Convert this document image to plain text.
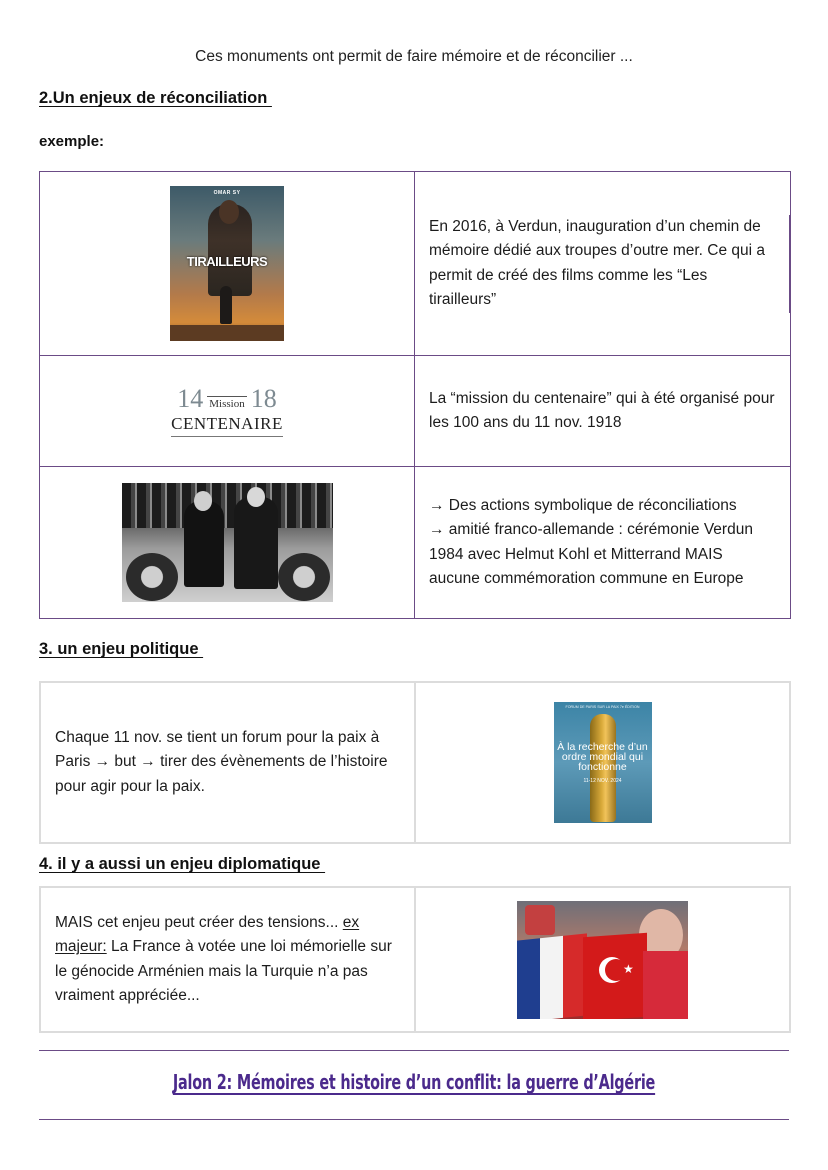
Ces monuments ont permit de faire mémoire et de réconcilier ...
2.Un enjeux de réconciliation
exemple:
OMAR SY
TIRAILLEURS	En 2016, à Verdun, inauguration d’un chemin de mémoire dédié aux troupes d’outre mer. Ce qui a permit de créé des films comme les “Les tirailleurs”

14 Mission 18
CENTENAIRE	La “mission du centenaire” qui à été organisé pour les 100 ans du 11 nov. 1918

	→ Des actions symbolique de réconciliations

→ amitié franco-allemande : cérémonie Verdun 1984 avec Helmut Kohl et Mitterrand MAIS aucune commémoration commune en Europe

3. un enjeu politique

Chaque 11 nov. se tient un forum pour la paix à Paris → but → tirer des évènements de l’histoire pour agir pour la paix.

FORUM DE PARIS SUR LA PAIX 7e ÉDITION
À la recherche d’un ordre mondial qui fonctionne
11-12 NOV. 2024
4. il y a aussi un enjeu diplomatique

MAIS cet enjeu peut créer des tensions... ex majeur: La France à votée une loi mémorielle sur le génocide Arménien mais la Turquie n’a pas vraiment appréciée...

★
Jalon 2: Mémoires et histoire d’un conflit: la guerre d’Algérie
